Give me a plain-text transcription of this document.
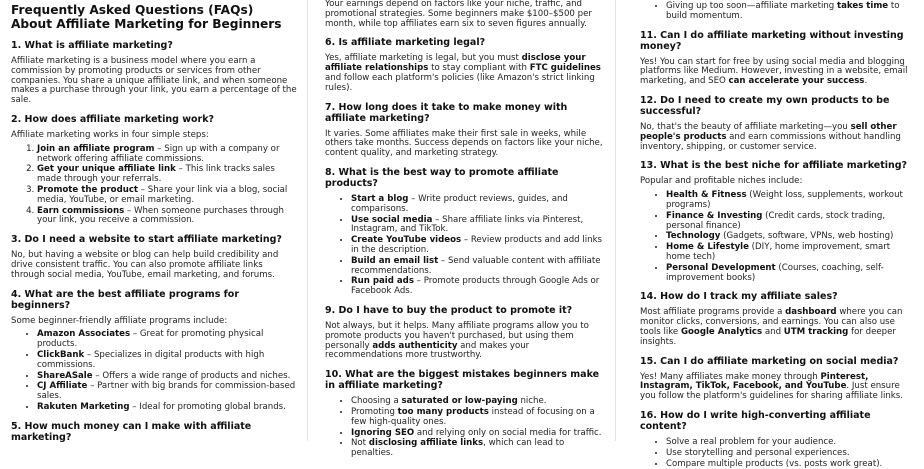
Frequently Asked Questions (FAQs) About Affiliate Marketing for Beginners
1. What is affiliate marketing?

Affiliate marketing is a business model where you earn a commission by promoting products or services from other companies. You share a unique affiliate link, and when someone makes a purchase through your link, you earn a percentage of the sale.

2. How does affiliate marketing work?

Affiliate marketing works in four simple steps:

1. Join an affiliate program – Sign up with a company or network offering affiliate commissions.
2. Get your unique affiliate link – This link tracks sales made through your referrals.
3. Promote the product – Share your link via a blog, social media, YouTube, or email marketing.
4. Earn commissions – When someone purchases through your link, you receive a commission.
3. Do I need a website to start affiliate marketing?

No, but having a website or blog can help build credibility and drive consistent traffic. You can also promote affiliate links through social media, YouTube, email marketing, and forums.

4. What are the best affiliate programs for beginners?

Some beginner-friendly affiliate programs include:

• Amazon Associates – Great for promoting physical products.
• ClickBank – Specializes in digital products with high commissions.
• ShareASale – Offers a wide range of products and niches.
• CJ Affiliate – Partner with big brands for commission-based sales.
• Rakuten Marketing – Ideal for promoting global brands.
5. How much money can I make with affiliate marketing?

Your earnings depend on factors like your niche, traffic, and promotional strategies. Some beginners make $100–$500 per month, while top affiliates earn six to seven figures annually.

6. Is affiliate marketing legal?

Yes, affiliate marketing is legal, but you must disclose your affiliate relationships to stay compliant with FTC guidelines and follow each platform's policies (like Amazon's strict linking rules).

7. How long does it take to make money with affiliate marketing?

It varies. Some affiliates make their first sale in weeks, while others take months. Success depends on factors like your niche, content quality, and marketing strategy.

8. What is the best way to promote affiliate products?
• Start a blog – Write product reviews, guides, and comparisons.
• Use social media – Share affiliate links via Pinterest, Instagram, and TikTok.
• Create YouTube videos – Review products and add links in the description.
• Build an email list – Send valuable content with affiliate recommendations.
• Run paid ads – Promote products through Google Ads or Facebook Ads.
9. Do I have to buy the product to promote it?

Not always, but it helps. Many affiliate programs allow you to promote products you haven't purchased, but using them personally adds authenticity and makes your recommendations more trustworthy.

10. What are the biggest mistakes beginners make in affiliate marketing?
• Choosing a saturated or low-paying niche.
• Promoting too many products instead of focusing on a few high-quality ones.
• Ignoring SEO and relying only on social media for traffic.
• Not disclosing affiliate links, which can lead to penalties.
• Giving up too soon—affiliate marketing takes time to build momentum.
11. Can I do affiliate marketing without investing money?

Yes! You can start for free by using social media and blogging platforms like Medium. However, investing in a website, email marketing, and SEO can accelerate your success.

12. Do I need to create my own products to be successful?

No, that's the beauty of affiliate marketing—you sell other people's products and earn commissions without handling inventory, shipping, or customer service.

13. What is the best niche for affiliate marketing?

Popular and profitable niches include:

• Health & Fitness (Weight loss, supplements, workout programs)
• Finance & Investing (Credit cards, stock trading, personal finance)
• Technology (Gadgets, software, VPNs, web hosting)
• Home & Lifestyle (DIY, home improvement, smart home tech)
• Personal Development (Courses, coaching, self-improvement books)
14. How do I track my affiliate sales?

Most affiliate programs provide a dashboard where you can monitor clicks, conversions, and earnings. You can also use tools like Google Analytics and UTM tracking for deeper insights.

15. Can I do affiliate marketing on social media?

Yes! Many affiliates make money through Pinterest, Instagram, TikTok, Facebook, and YouTube. Just ensure you follow the platform's guidelines for sharing affiliate links.

16. How do I write high-converting affiliate content?
• Solve a real problem for your audience.
• Use storytelling and personal experiences.
• Compare multiple products (vs. posts work great).
